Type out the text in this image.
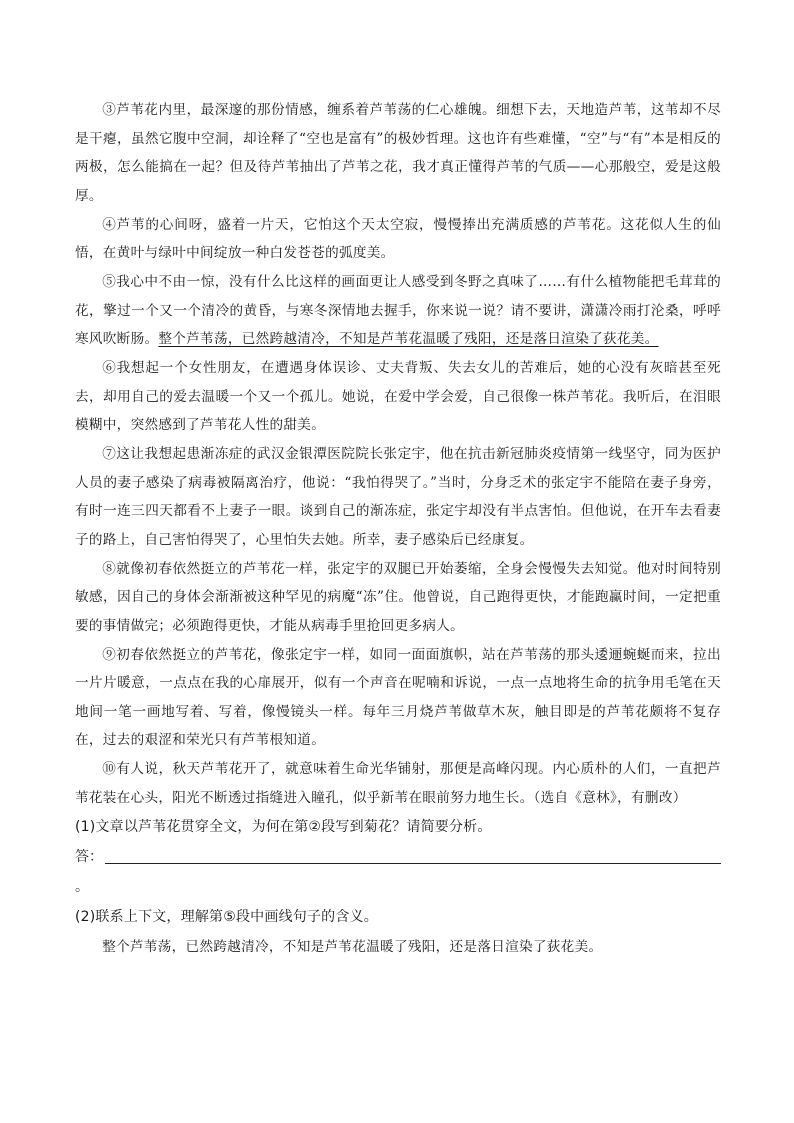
③芦苇花内里，最深邃的那份情感，缠系着芦苇荡的仁心雄魄。细想下去，天地造芦苇，这苇却不尽是干瘪，虽然它腹中空洞，却诠释了“空也是富有”的极妙哲理。这也许有些难懂，“空”与“有”本是相反的两极，怎么能搞在一起？但及待芦苇抽出了芦苇之花，我才真正懂得芦苇的气质——心那般空，爱是这般厚。

④芦苇的心间呀，盛着一片天，它怕这个天太空寂，慢慢捧出充满质感的芦苇花。这花似人生的仙悟，在黄叶与绿叶中间绽放一种白发苍苍的弧度美。

⑤我心中不由一惊，没有什么比这样的画面更让人感受到冬野之真味了……有什么植物能把毛茸茸的花，擎过一个又一个清冷的黄昏，与寒冬深情地去握手，你来说一说？请不要讲，潇潇冷雨打沦桑，呼呼寒风吹断肠。整个芦苇荡，已然跨越清冷，不知是芦苇花温暖了残阳，还是落日渲染了荻花美。

⑥我想起一个女性朋友，在遭遇身体误诊、丈夫背叛、失去女儿的苦难后，她的心没有灰暗甚至死去，却用自己的爱去温暖一个又一个孤儿。她说，在爱中学会爱，自己很像一株芦苇花。我听后，在泪眼模糊中，突然感到了芦苇花人性的甜美。

⑦这让我想起患渐冻症的武汉金银潭医院院长张定宇，他在抗击新冠肺炎疫情第一线坚守，同为医护人员的妻子感染了病毒被隔离治疗，他说：“我怕得哭了。”当时，分身乏术的张定宇不能陪在妻子身旁，有时一连三四天都看不上妻子一眼。谈到自己的渐冻症，张定宇却没有半点害怕。但他说，在开车去看妻子的路上，自己害怕得哭了，心里怕失去她。所幸，妻子感染后已经康复。

⑧就像初春依然挺立的芦苇花一样，张定宇的双腿已开始萎缩，全身会慢慢失去知觉。他对时间特别敏感，因自己的身体会渐渐被这种罕见的病魔“冻”住。他曾说，自己跑得更快，才能跑赢时间，一定把重要的事情做完；必须跑得更快，才能从病毒手里抢回更多病人。

⑨初春依然挺立的芦苇花，像张定宇一样，如同一面面旗帜，站在芦苇荡的那头逶逦蜿蜒而来，拉出一片片暖意，一点点在我的心扉展开，似有一个声音在呢喃和诉说，一点一点地将生命的抗争用毛笔在天地间一笔一画地写着、写着，像慢镜头一样。每年三月烧芦苇做草木灰，触目即是的芦苇花颇将不复存在，过去的艰涩和荣光只有芦苇根知道。

⑩有人说，秋天芦苇花开了，就意味着生命光华铺射，那便是高峰闪现。内心质朴的人们，一直把芦苇花装在心头，阳光不断透过指缝进入瞳孔，似乎新苇在眼前努力地生长。（选自《意林》，有删改）

(1)文章以芦苇花贯穿全文，为何在第②段写到菊花？请简要分析。

答：

。

(2)联系上下文，理解第⑤段中画线句子的含义。

整个芦苇荡，已然跨越清冷，不知是芦苇花温暖了残阳，还是落日渲染了荻花美。
